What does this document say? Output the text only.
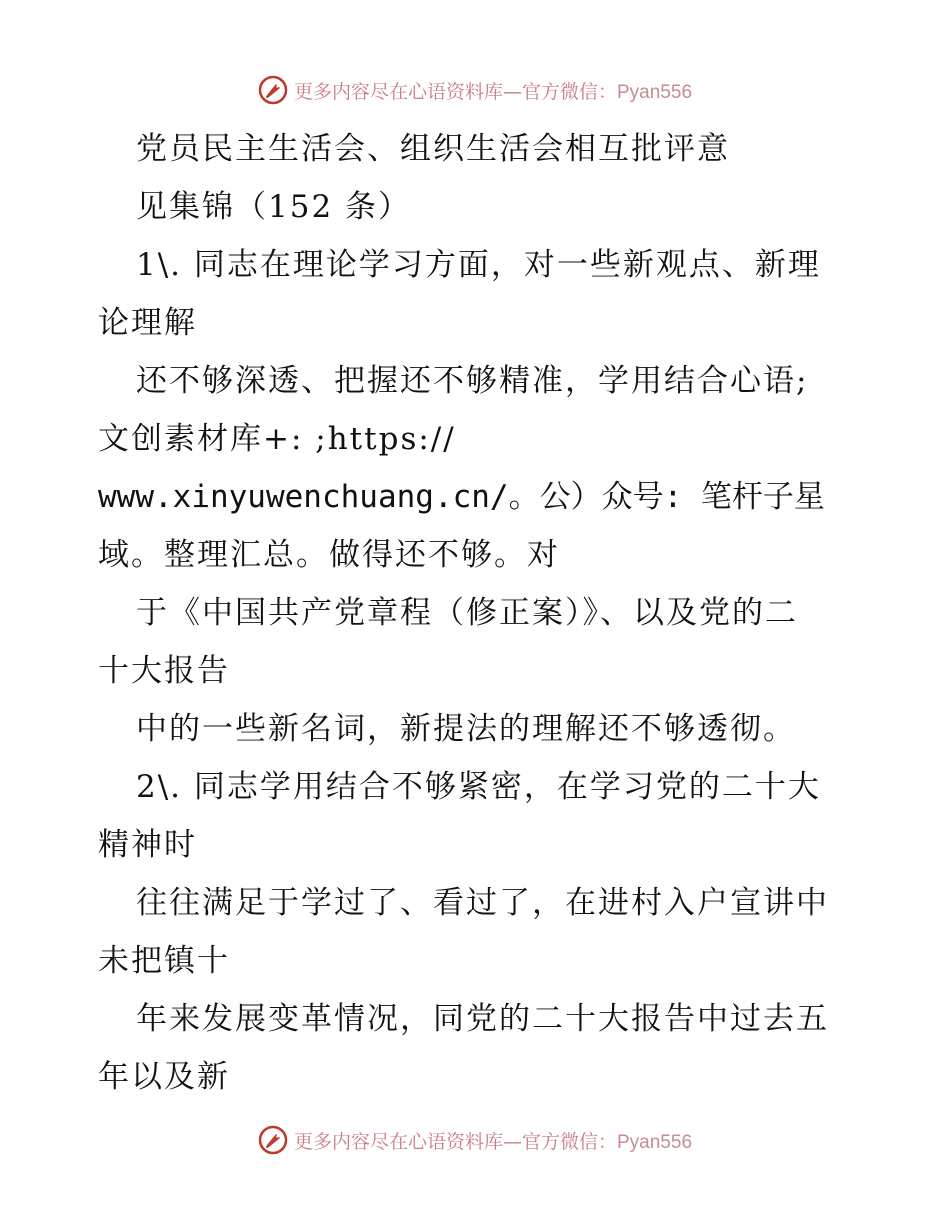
更多内容尽在心语资料库—官方微信：Pyan556
党员民主生活会、组织生活会相互批评意
见集锦（152 条）
1\. 同志在理论学习方面，对一些新观点、新理
论理解
还不够深透、把握还不够精准，学用结合心语;
文创素材库+: ;https://
www.xinyuwenchuang.cn/。公）众号: 笔杆子星
域。整理汇总。做得还不够。对
于《中国共产党章程（修正案）》、以及党的二
十大报告
中的一些新名词，新提法的理解还不够透彻。
2\. 同志学用结合不够紧密，在学习党的二十大
精神时
往往满足于学过了、看过了，在进村入户宣讲中
未把镇十
年来发展变革情况，同党的二十大报告中过去五
年以及新
更多内容尽在心语资料库—官方微信：Pyan556
